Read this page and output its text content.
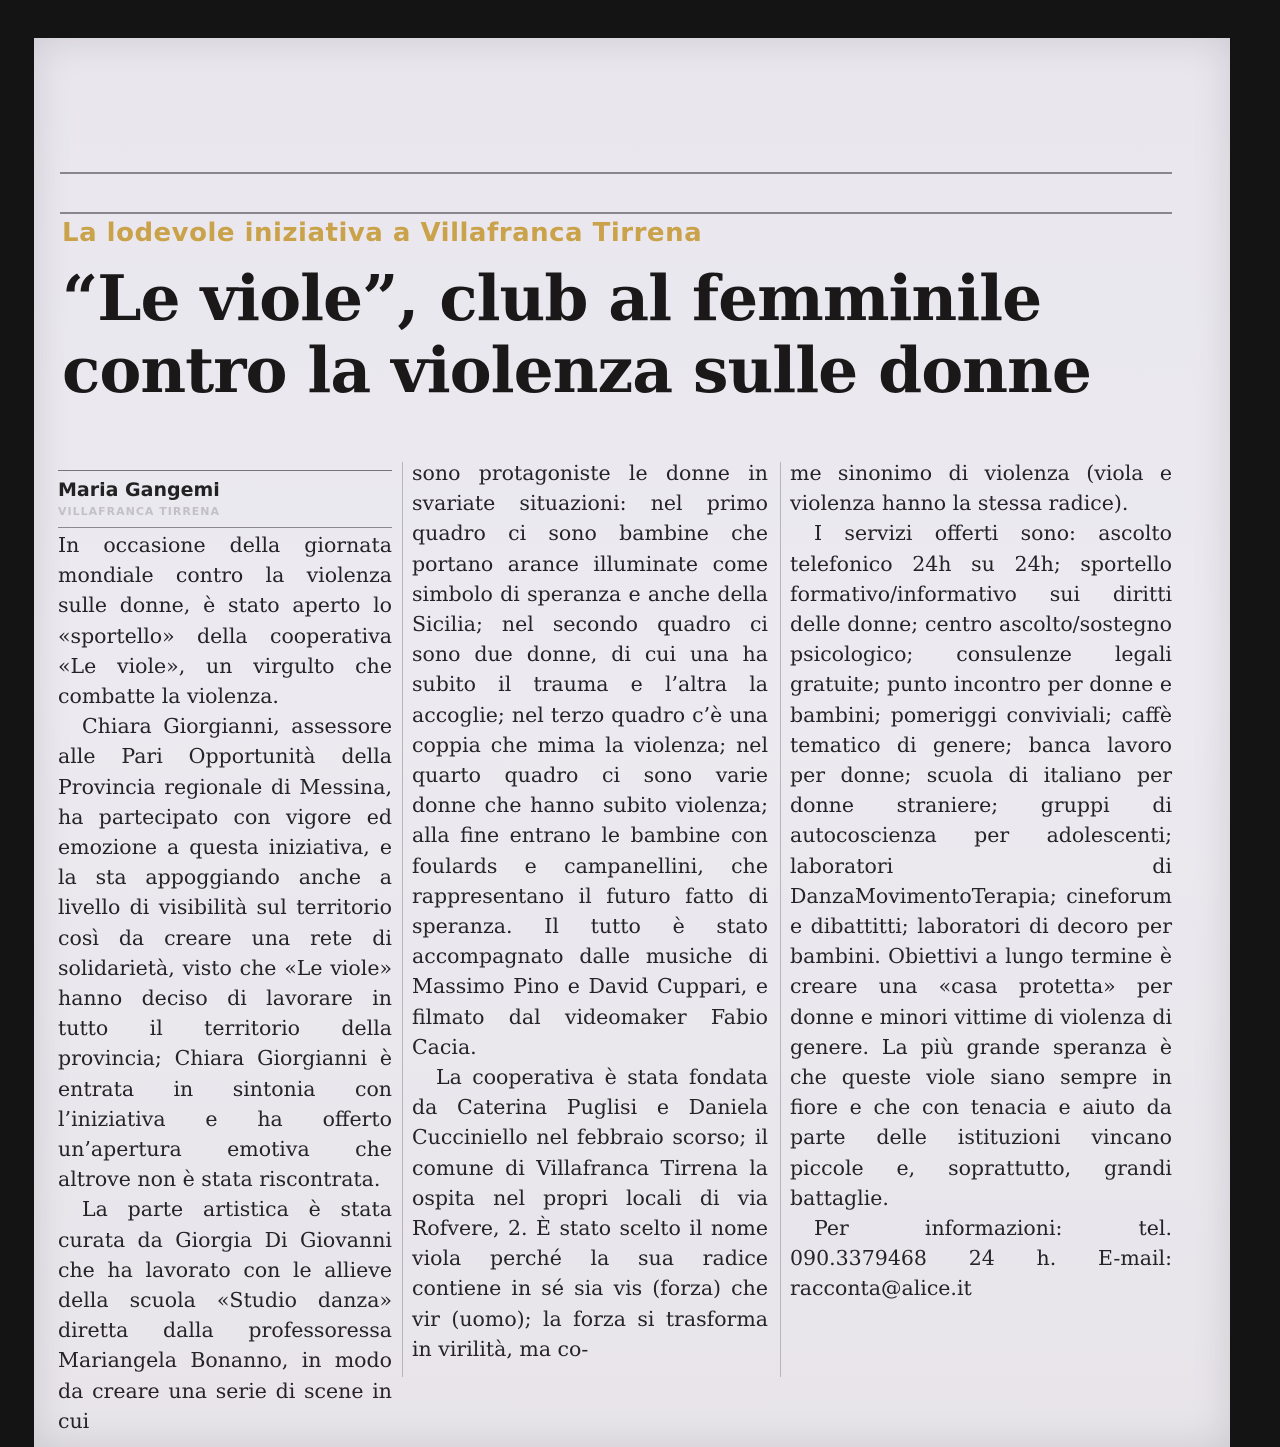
La lodevole iniziativa a Villafranca Tirrena
“Le viole”, club al femminile
contro la violenza sulle donne
Maria Gangemi
VILLAFRANCA TIRRENA

In occasione della giornata mondiale contro la violenza sulle donne, è stato aperto lo «sportello» della cooperativa «Le viole», un virgulto che combatte la violenza.

Chiara Giorgianni, assessore alle Pari Opportunità della Provincia regionale di Messina, ha partecipato con vigore ed emozione a questa iniziativa, e la sta appoggiando anche a livello di visibilità sul territorio così da creare una rete di solidarietà, visto che «Le viole» hanno deciso di lavorare in tutto il territorio della provincia; Chiara Giorgianni è entrata in sintonia con l’iniziativa e ha offerto un’apertura emotiva che altrove non è stata riscontrata.

La parte artistica è stata curata da Giorgia Di Giovanni che ha lavorato con le allieve della scuola «Studio danza» diretta dalla professoressa Mariangela Bonanno, in modo da creare una serie di scene in cui

sono protagoniste le donne in svariate situazioni: nel primo quadro ci sono bambine che portano arance illuminate come simbolo di speranza e anche della Sicilia; nel secondo quadro ci sono due donne, di cui una ha subito il trauma e l’altra la accoglie; nel terzo quadro c’è una coppia che mima la violenza; nel quarto quadro ci sono varie donne che hanno subito violenza; alla fine entrano le bambine con foulards e campanellini, che rappresentano il futuro fatto di speranza. Il tutto è stato accompagnato dalle musiche di Massimo Pino e David Cuppari, e filmato dal videomaker Fabio Cacia.

La cooperativa è stata fondata da Caterina Puglisi e Daniela Cucciniello nel febbraio scorso; il comune di Villafranca Tirrena la ospita nel propri locali di via Rofvere, 2. È stato scelto il nome viola perché la sua radice contiene in sé sia vis (forza) che vir (uomo); la forza si trasforma in virilità, ma co-

me sinonimo di violenza (viola e violenza hanno la stessa radice).

I servizi offerti sono: ascolto telefonico 24h su 24h; sportello formativo/informativo sui diritti delle donne; centro ascolto/sostegno psicologico; consulenze legali gratuite; punto incontro per donne e bambini; pomeriggi conviviali; caffè tematico di genere; banca lavoro per donne; scuola di italiano per donne straniere; gruppi di autocoscienza per adolescenti; laboratori di DanzaMovimentoTerapia; cineforum e dibattitti; laboratori di decoro per bambini. Obiettivi a lungo termine è creare una «casa protetta» per donne e minori vittime di violenza di genere. La più grande speranza è che queste viole siano sempre in fiore e che con tenacia e aiuto da parte delle istituzioni vincano piccole e, soprattutto, grandi battaglie.

Per informazioni: tel. 090.3379468 24 h. E-mail: racconta@alice.it
